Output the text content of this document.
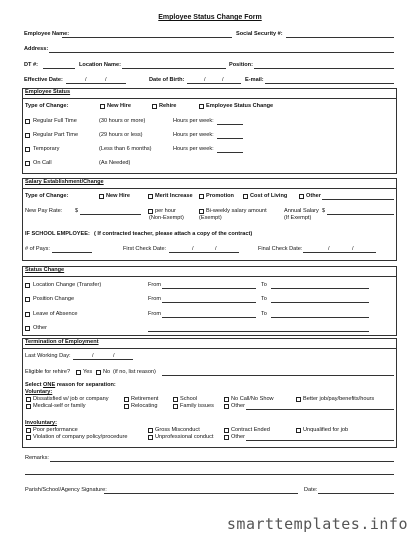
Employee Status Change Form
Employee Name:	Social Security #:
Address:
DT #:	Location Name:	Position:
Effective Date:	/	/	Date of Birth:	/	/	E-mail:
Employee Status
Type of Change:	New Hire	Rehire	Employee Status Change
Regular Full Time	(30 hours or more)	Hours per week:
Regular Part Time	(29 hours or less)	Hours per week:
Temporary	(Less than 6 months)	Hours per week:
On Call	(As Needed)
Salary Establishment/Change
Type of Change:	New Hire	Merit Increase Promotion	Cost of Living	Other
New Pay Rate: $	per hour
(Non-Exempt)
Bi-weekly salary amount
(Exempt)
Annual Salary $
(If Exempt)
IF SCHOOL EMPLOYEE: ( If contracted teacher, please attach a copy of the contract)
# of Pays:	First Check Date:	/	/	Final Check Date:	/	/
Status Change
Location Change (Transfer)	From	To
Position Change	From	To
Leave of Absence	From	To
Other
Termination of Employment
Last Working Day:	/	/
Eligible for rehire? Yes No (if no, list reason)
Select ONE reason for separation:
Voluntary:
Dissatisfied w/ job or company	Retirement	School	No Call/No Show	Better job/pay/benefits/hours
Medical-self or family	Relocating	Family issues	Other
Involuntary:
Poor performance	Gross Misconduct	Contract Ended	Unqualified for job
Violation of company policy/procedure	Unprofessional conduct	Other
Remarks:
Parish/School/Agency Signature:	Date:
smarttemplates.info
